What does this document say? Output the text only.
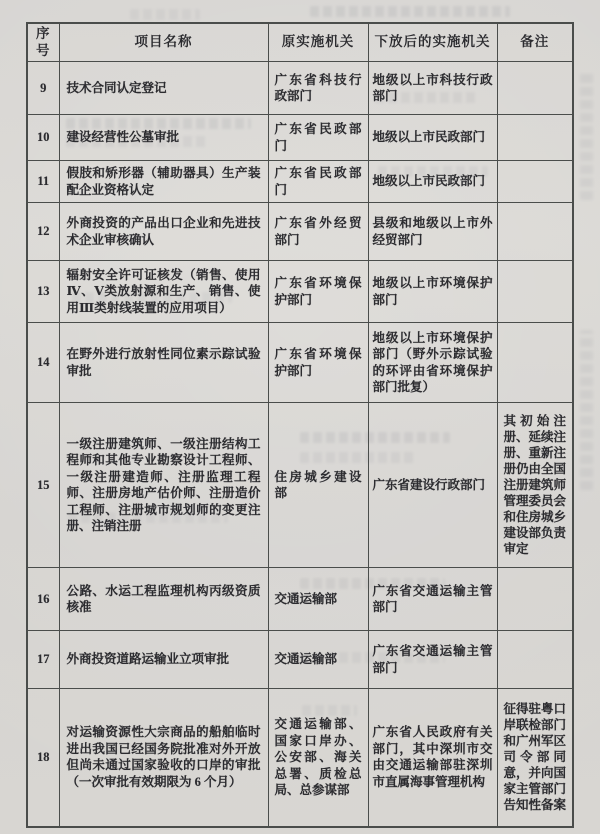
序号	项目名称	原实施机关	下放后的实施机关	备注
9	技术合同认定登记	广东省科技行政部门	地级以上市科技行政部门	
10	建设经营性公墓审批	广东省民政部门	地级以上市民政部门	
11	假肢和矫形器（辅助器具）生产装配企业资格认定	广东省民政部门	地级以上市民政部门	
12	外商投资的产品出口企业和先进技术企业审核确认	广东省外经贸部门	县级和地级以上市外经贸部门	
13	辐射安全许可证核发（销售、使用Ⅳ、Ⅴ类放射源和生产、销售、使用Ⅲ类射线装置的应用项目）	广东省环境保护部门	地级以上市环境保护部门	
14	在野外进行放射性同位素示踪试验审批	广东省环境保护部门	地级以上市环境保护部门（野外示踪试验的环评由省环境保护部门批复）	
15	一级注册建筑师、一级注册结构工程师和其他专业勘察设计工程师、一级注册建造师、注册监理工程师、注册房地产估价师、注册造价工程师、注册城市规划师的变更注册、注销注册	住房城乡建设部	广东省建设行政部门	其初始注册、延续注册、重新注册仍由全国注册建筑师管理委员会和住房城乡建设部负责审定
16	公路、水运工程监理机构丙级资质核准	交通运输部	广东省交通运输主管部门	
17	外商投资道路运输业立项审批	交通运输部	广东省交通运输主管部门	
18	对运输资源性大宗商品的船舶临时进出我国已经国务院批准对外开放但尚未通过国家验收的口岸的审批（一次审批有效期限为 6 个月）	交通运输部、国家口岸办、公安部、海关总署、质检总局、总参谋部	广东省人民政府有关部门，其中深圳市交由交通运输部驻深圳市直属海事管理机构	征得驻粤口岸联检部门和广州军区司令部同意，并向国家主管部门告知性备案
